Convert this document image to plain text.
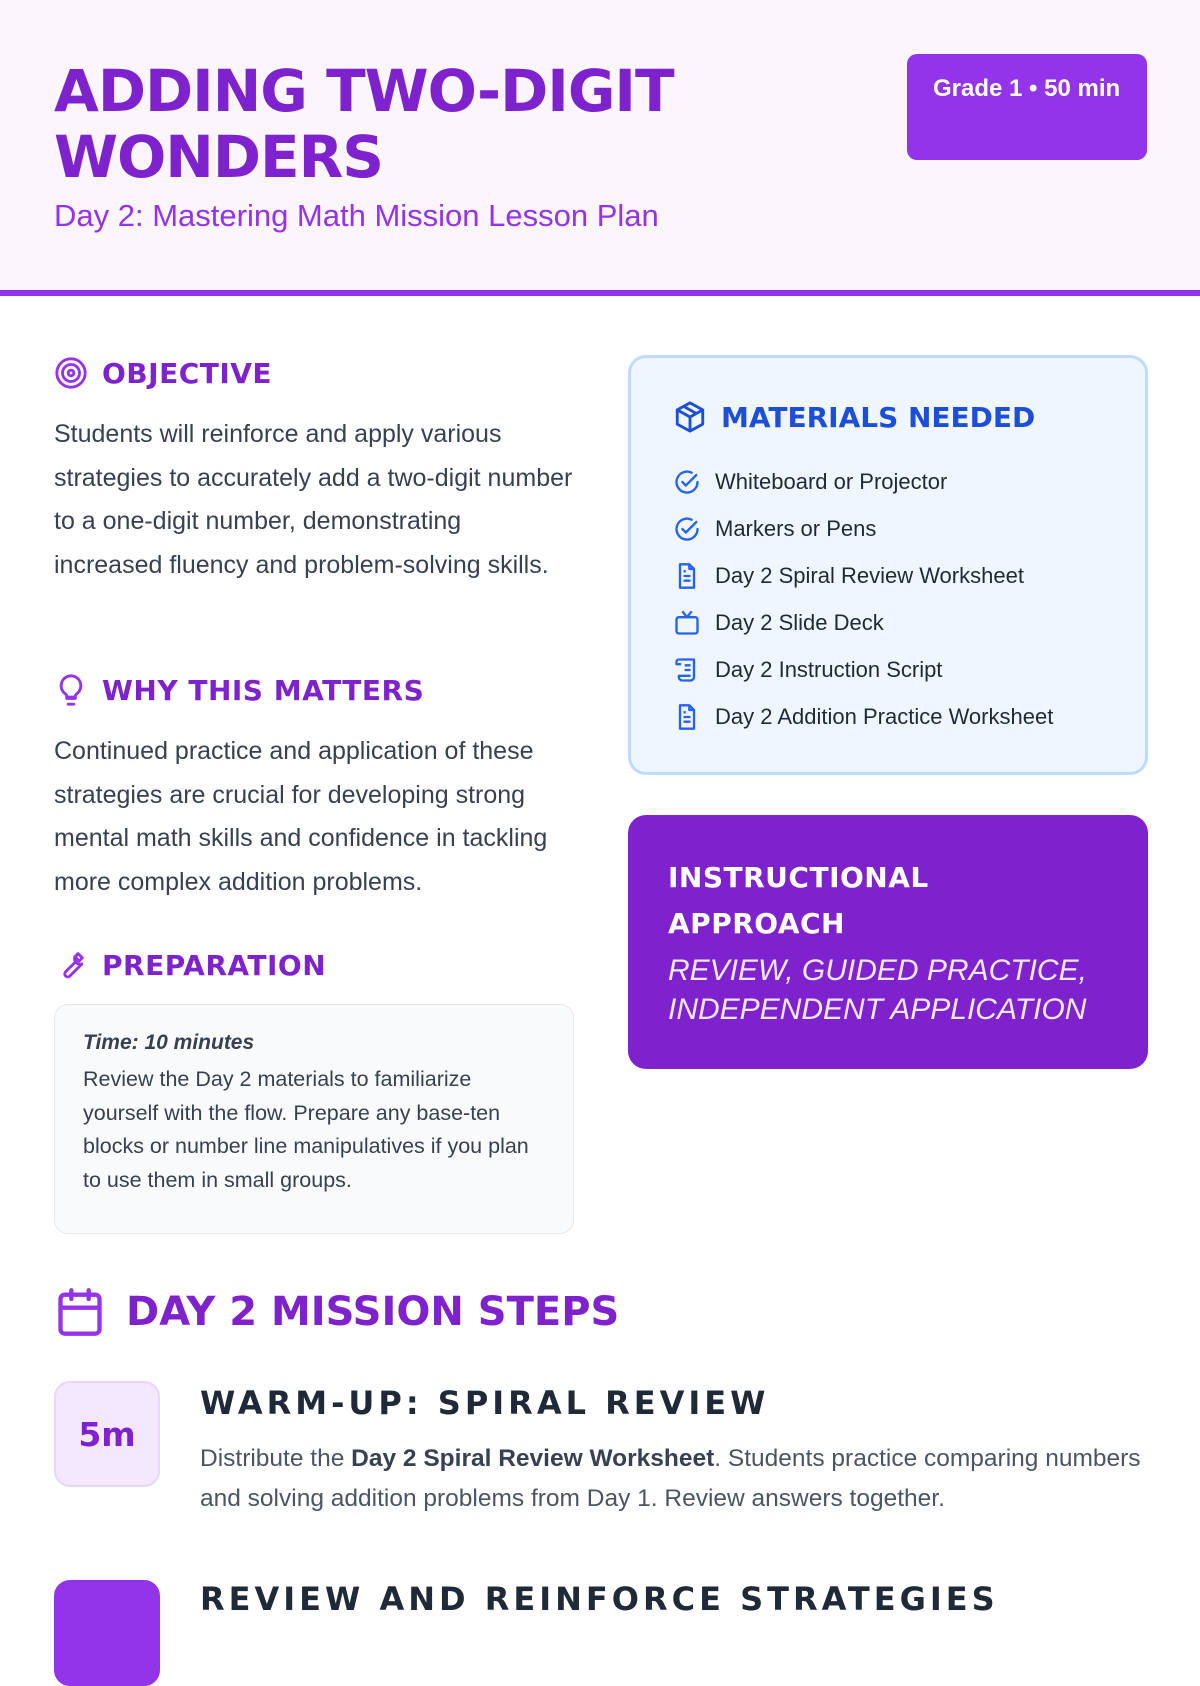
ADDING TWO-DIGIT WONDERS
Day 2: Mastering Math Mission Lesson Plan
Grade 1 • 50 min
OBJECTIVE
Students will reinforce and apply various strategies to accurately add a two-digit number to a one-digit number, demonstrating increased fluency and problem-solving skills.
WHY THIS MATTERS
Continued practice and application of these strategies are crucial for developing strong mental math skills and confidence in tackling more complex addition problems.
PREPARATION
Time: 10 minutes
Review the Day 2 materials to familiarize yourself with the flow. Prepare any base-ten blocks or number line manipulatives if you plan to use them in small groups.
MATERIALS NEEDED
Whiteboard or Projector
Markers or Pens
Day 2 Spiral Review Worksheet
Day 2 Slide Deck
Day 2 Instruction Script
Day 2 Addition Practice Worksheet
INSTRUCTIONAL APPROACH
REVIEW, GUIDED PRACTICE, INDEPENDENT APPLICATION
DAY 2 MISSION STEPS
5m
WARM-UP: SPIRAL REVIEW
Distribute the Day 2 Spiral Review Worksheet. Students practice comparing numbers and solving addition problems from Day 1. Review answers together.
REVIEW AND REINFORCE STRATEGIES
